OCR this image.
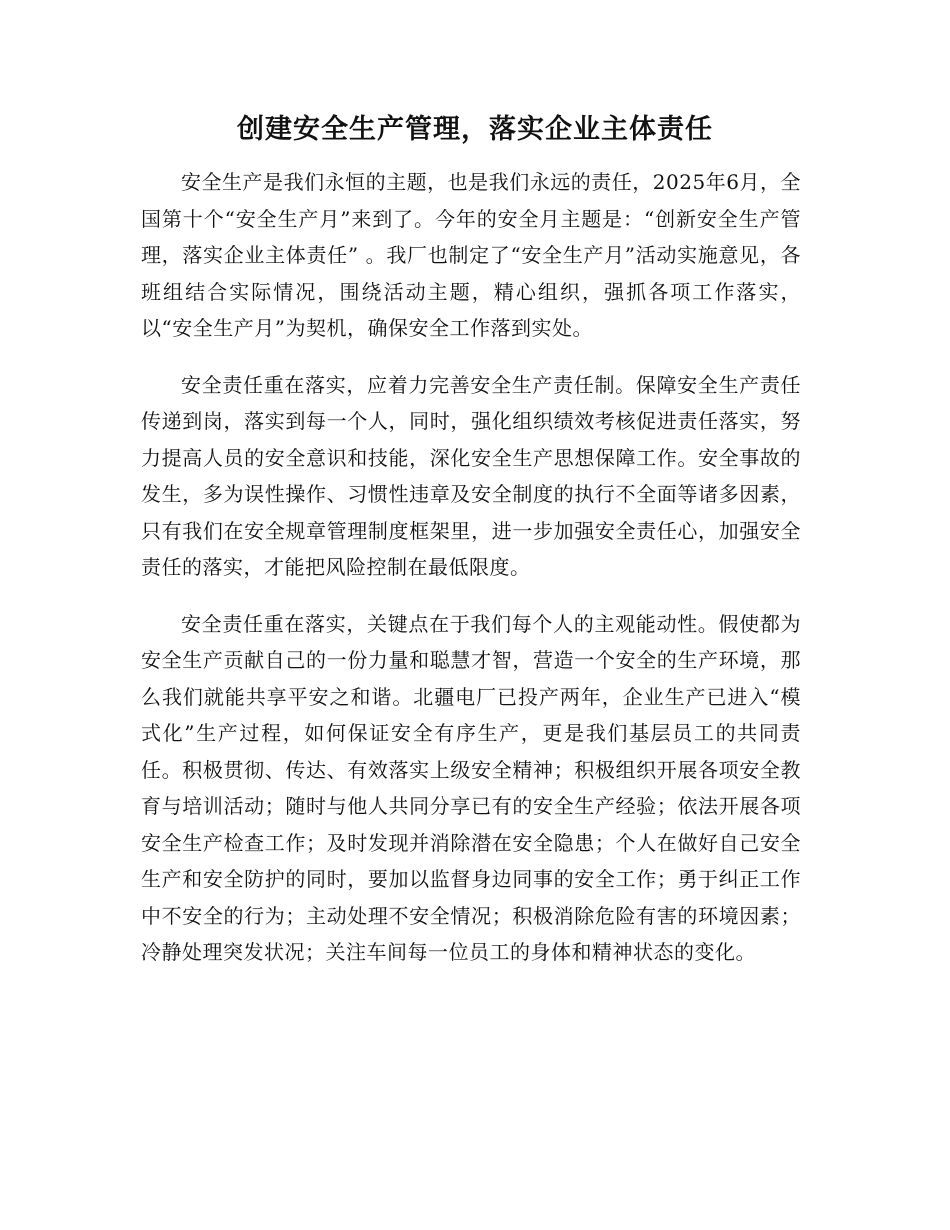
创建安全生产管理，落实企业主体责任

安全生产是我们永恒的主题，也是我们永远的责任，2025年6月，全国第十个“安全生产月”来到了。今年的安全月主题是：“创新安全生产管理，落实企业主体责任” 。我厂也制定了“安全生产月”活动实施意见，各班组结合实际情况，围绕活动主题，精心组织，强抓各项工作落实，以“安全生产月”为契机，确保安全工作落到实处。

安全责任重在落实，应着力完善安全生产责任制。保障安全生产责任传递到岗，落实到每一个人，同时，强化组织绩效考核促进责任落实，努力提高人员的安全意识和技能，深化安全生产思想保障工作。安全事故的发生，多为误性操作、习惯性违章及安全制度的执行不全面等诸多因素，只有我们在安全规章管理制度框架里，进一步加强安全责任心，加强安全责任的落实，才能把风险控制在最低限度。

安全责任重在落实，关键点在于我们每个人的主观能动性。假使都为安全生产贡献自己的一份力量和聪慧才智，营造一个安全的生产环境，那么我们就能共享平安之和谐。北疆电厂已投产两年，企业生产已进入“模式化”生产过程，如何保证安全有序生产，更是我们基层员工的共同责任。积极贯彻、传达、有效落实上级安全精神；积极组织开展各项安全教育与培训活动；随时与他人共同分享已有的安全生产经验；依法开展各项安全生产检查工作；及时发现并消除潜在安全隐患；个人在做好自己安全生产和安全防护的同时，要加以监督身边同事的安全工作；勇于纠正工作中不安全的行为；主动处理不安全情况；积极消除危险有害的环境因素；冷静处理突发状况；关注车间每一位员工的身体和精神状态的变化。
